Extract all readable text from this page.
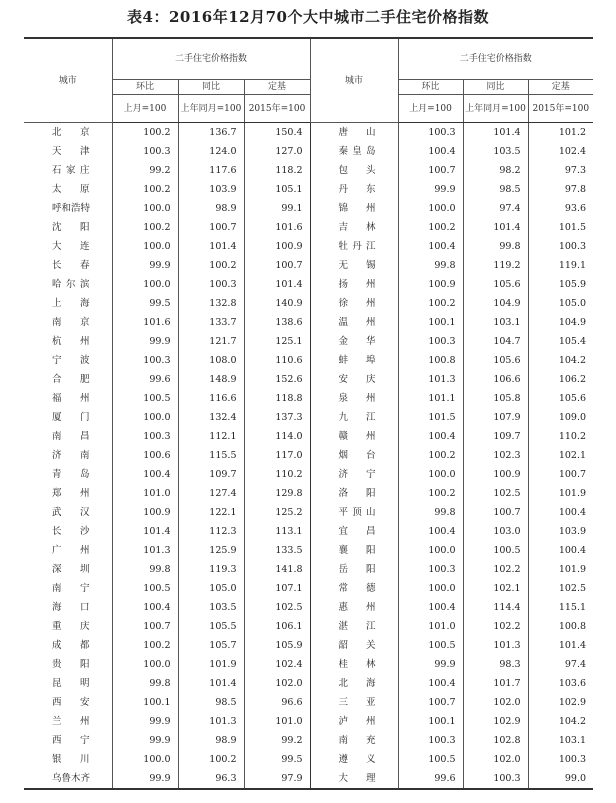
表4：2016年12月70个大中城市二手住宅价格指数
城市	二手住宅价格指数			城市	二手住宅价格指数		
	环比	同比	定基		环比	同比	定基
	上月=100	上年同月=100	2015年=100		上月=100	上年同月=100	2015年=100
北京	100.2	136.7	150.4	唐山	100.3	101.4	101.2
天津	100.3	124.0	127.0	秦皇岛	100.4	103.5	102.4
石家庄	99.2	117.6	118.2	包头	100.7	98.2	97.3
太原	100.2	103.9	105.1	丹东	99.9	98.5	97.8
呼和浩特	100.0	98.9	99.1	锦州	100.0	97.4	93.6
沈阳	100.2	100.7	101.6	吉林	100.2	101.4	101.5
大连	100.0	101.4	100.9	牡丹江	100.4	99.8	100.3
长春	99.9	100.2	100.7	无锡	99.8	119.2	119.1
哈尔滨	100.0	100.3	101.4	扬州	100.9	105.6	105.9
上海	99.5	132.8	140.9	徐州	100.2	104.9	105.0
南京	101.6	133.7	138.6	温州	100.1	103.1	104.9
杭州	99.9	121.7	125.1	金华	100.3	104.7	105.4
宁波	100.3	108.0	110.6	蚌埠	100.8	105.6	104.2
合肥	99.6	148.9	152.6	安庆	101.3	106.6	106.2
福州	100.5	116.6	118.8	泉州	101.1	105.8	105.6
厦门	100.0	132.4	137.3	九江	101.5	107.9	109.0
南昌	100.3	112.1	114.0	赣州	100.4	109.7	110.2
济南	100.6	115.5	117.0	烟台	100.2	102.3	102.1
青岛	100.4	109.7	110.2	济宁	100.0	100.9	100.7
郑州	101.0	127.4	129.8	洛阳	100.2	102.5	101.9
武汉	100.9	122.1	125.2	平顶山	99.8	100.7	100.4
长沙	101.4	112.3	113.1	宜昌	100.4	103.0	103.9
广州	101.3	125.9	133.5	襄阳	100.0	100.5	100.4
深圳	99.8	119.3	141.8	岳阳	100.3	102.2	101.9
南宁	100.5	105.0	107.1	常德	100.0	102.1	102.5
海口	100.4	103.5	102.5	惠州	100.4	114.4	115.1
重庆	100.7	105.5	106.1	湛江	101.0	102.2	100.8
成都	100.2	105.7	105.9	韶关	100.5	101.3	101.4
贵阳	100.0	101.9	102.4	桂林	99.9	98.3	97.4
昆明	99.8	101.4	102.0	北海	100.4	101.7	103.6
西安	100.1	98.5	96.6	三亚	100.7	102.0	102.9
兰州	99.9	101.3	101.0	泸州	100.1	102.9	104.2
西宁	99.9	98.9	99.2	南充	100.3	102.8	103.1
银川	100.0	100.2	99.5	遵义	100.5	102.0	100.3
乌鲁木齐	99.9	96.3	97.9	大理	99.6	100.3	99.0
